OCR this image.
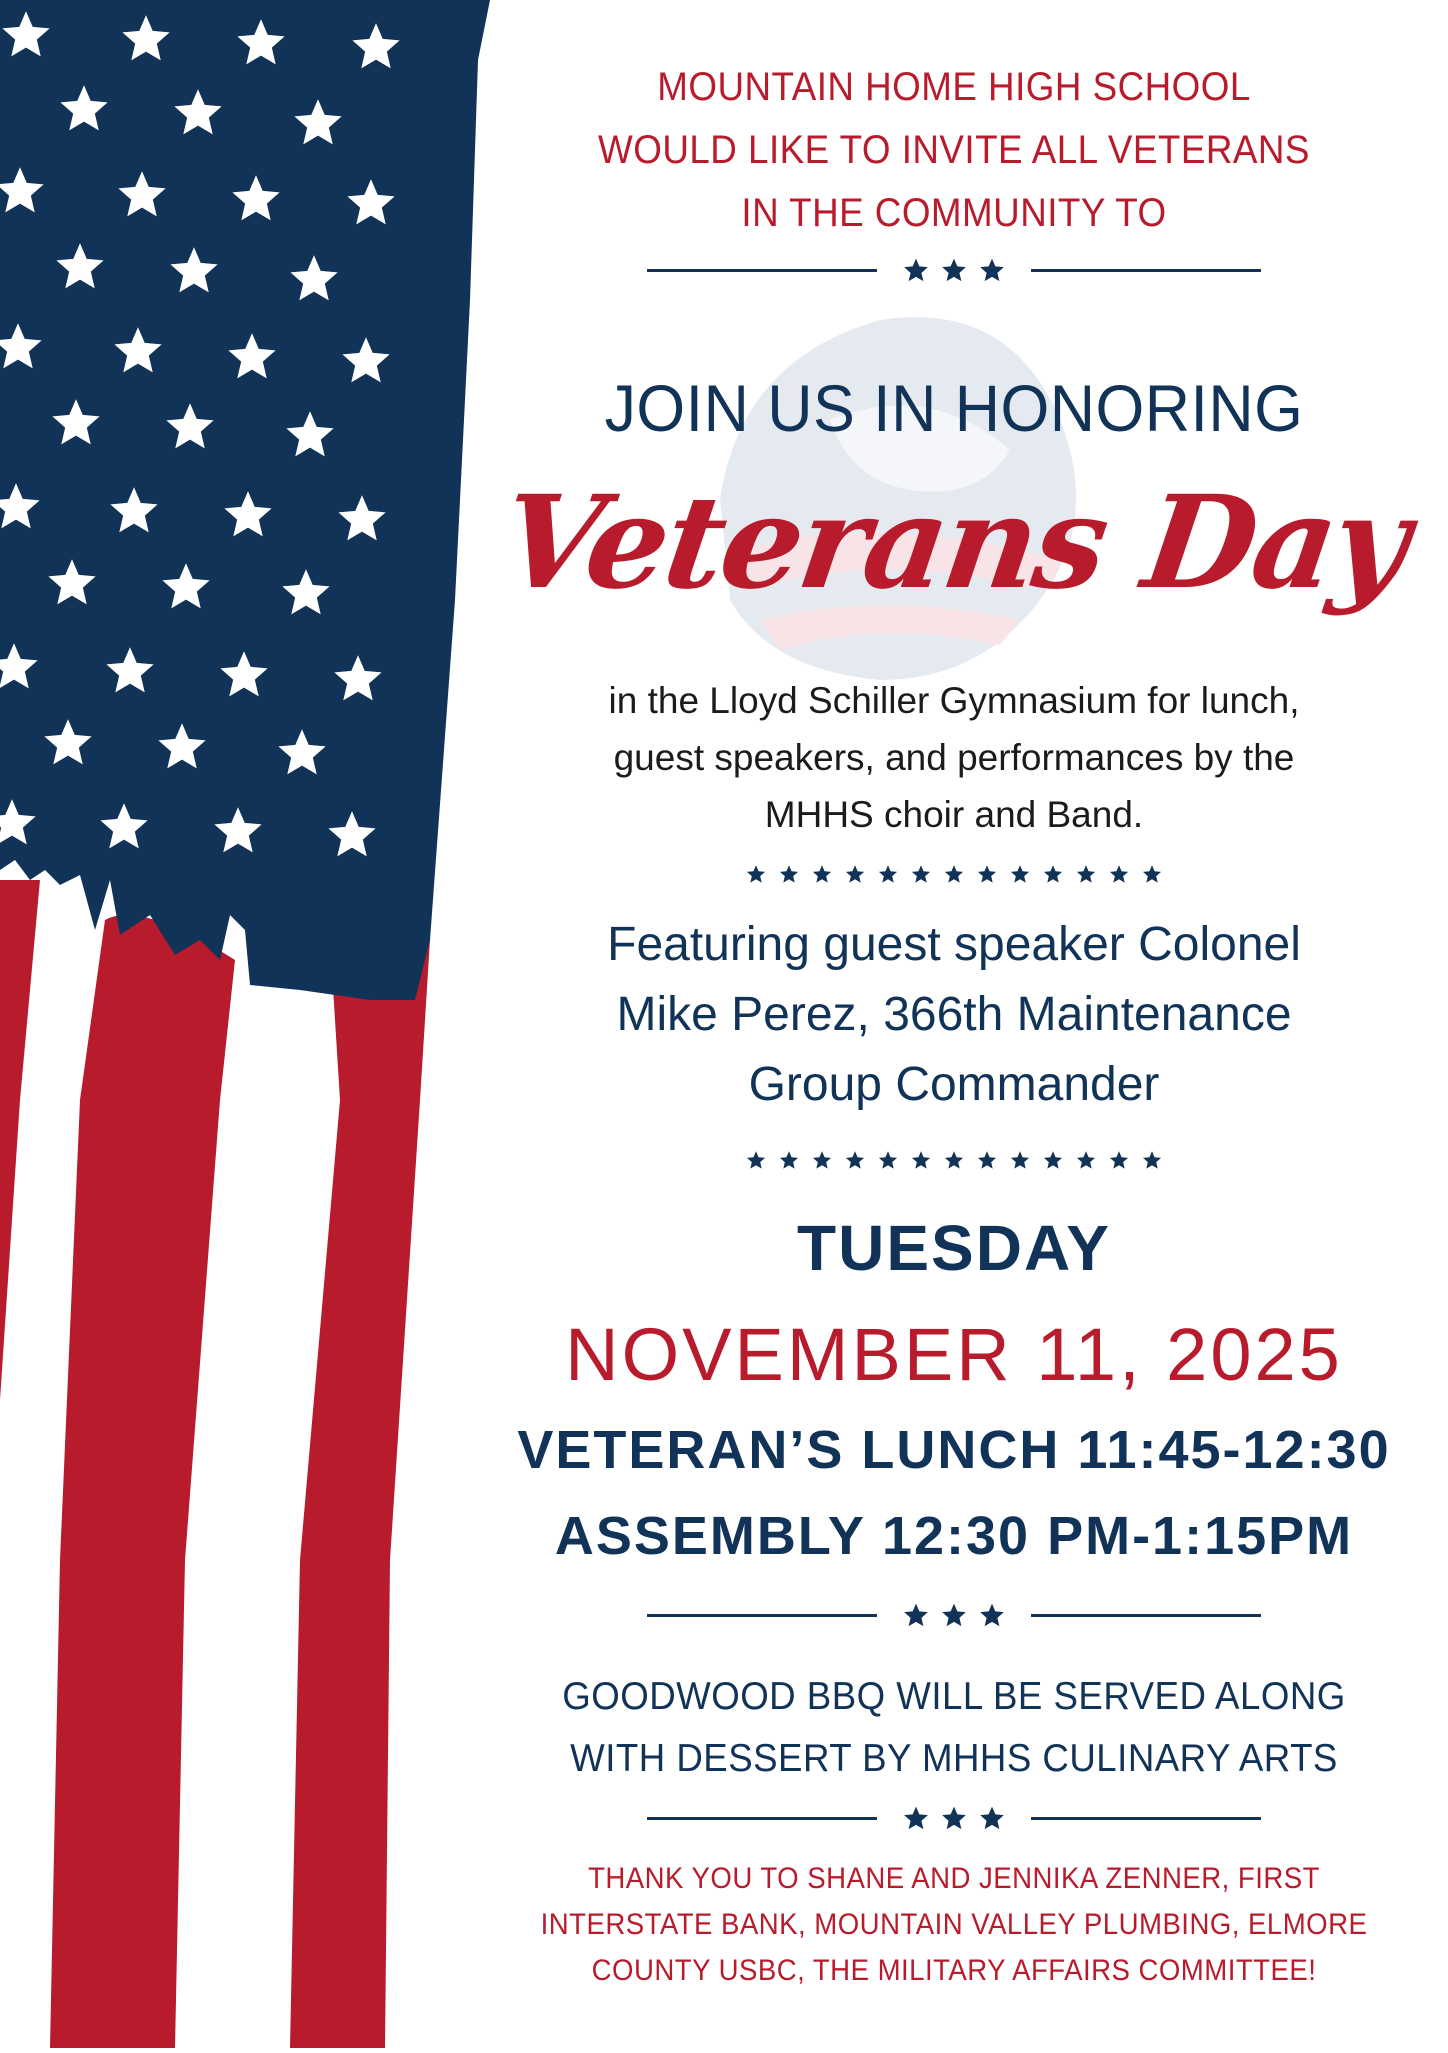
MOUNTAIN HOME HIGH SCHOOL
WOULD LIKE TO INVITE ALL VETERANS
IN THE COMMUNITY TO
JOIN US IN HONORING
Veterans Day
in the Lloyd Schiller Gymnasium for lunch,
guest speakers, and performances by the
MHHS choir and Band.
Featuring guest speaker Colonel
Mike Perez, 366th Maintenance
Group Commander
TUESDAY
NOVEMBER 11, 2025
VETERAN’S LUNCH 11:45-12:30
ASSEMBLY 12:30 PM-1:15PM
GOODWOOD BBQ WILL BE SERVED ALONG
WITH DESSERT BY MHHS CULINARY ARTS
THANK YOU TO SHANE AND JENNIKA ZENNER, FIRST
INTERSTATE BANK, MOUNTAIN VALLEY PLUMBING, ELMORE
COUNTY USBC, THE MILITARY AFFAIRS COMMITTEE!
